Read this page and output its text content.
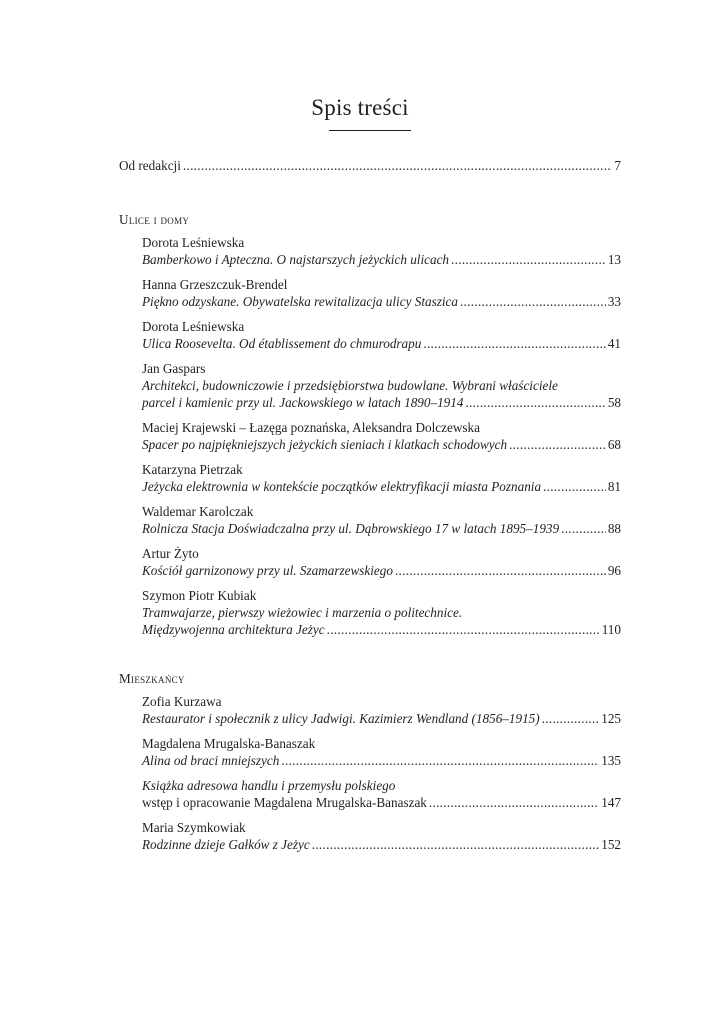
Spis treści
Od redakcji .....	7
Ulice i domy
Dorota Leśniewska
Bamberkowo i Apteczna. O najstarszych jeżyckich ulicach .....	13
Hanna Grzeszczuk-Brendel
Piękno odzyskane. Obywatelska rewitalizacja ulicy Staszica .....	33
Dorota Leśniewska
Ulica Roosevelta. Od établissement do chmurodrapu .....	41
Jan Gaspars
Architekci, budowniczowie i przedsiębiorstwa budowlane. Wybrani właściciele
parcel i kamienic przy ul. Jackowskiego w latach 1890–1914 .....	58
Maciej Krajewski – Łazęga poznańska, Aleksandra Dolczewska
Spacer po najpiękniejszych jeżyckich sieniach i klatkach schodowych .....	68
Katarzyna Pietrzak
Jeżycka elektrownia w kontekście początków elektryfikacji miasta Poznania .....	81
Waldemar Karolczak
Rolnicza Stacja Doświadczalna przy ul. Dąbrowskiego 17 w latach 1895–1939 .....	88
Artur Żyto
Kościół garnizonowy przy ul. Szamarzewskiego .....	96
Szymon Piotr Kubiak
Tramwajarze, pierwszy wieżowiec i marzenia o politechnice.
Międzywojenna architektura Jeżyc .....	110
Mieszkańcy
Zofia Kurzawa
Restaurator i społecznik z ulicy Jadwigi. Kazimierz Wendland (1856–1915) .....	125
Magdalena Mrugalska-Banaszak
Alina od braci mniejszych .....	135
Książka adresowa handlu i przemysłu polskiego
wstęp i opracowanie Magdalena Mrugalska-Banaszak .....	147
Maria Szymkowiak
Rodzinne dzieje Gałków z Jeżyc .....	152
